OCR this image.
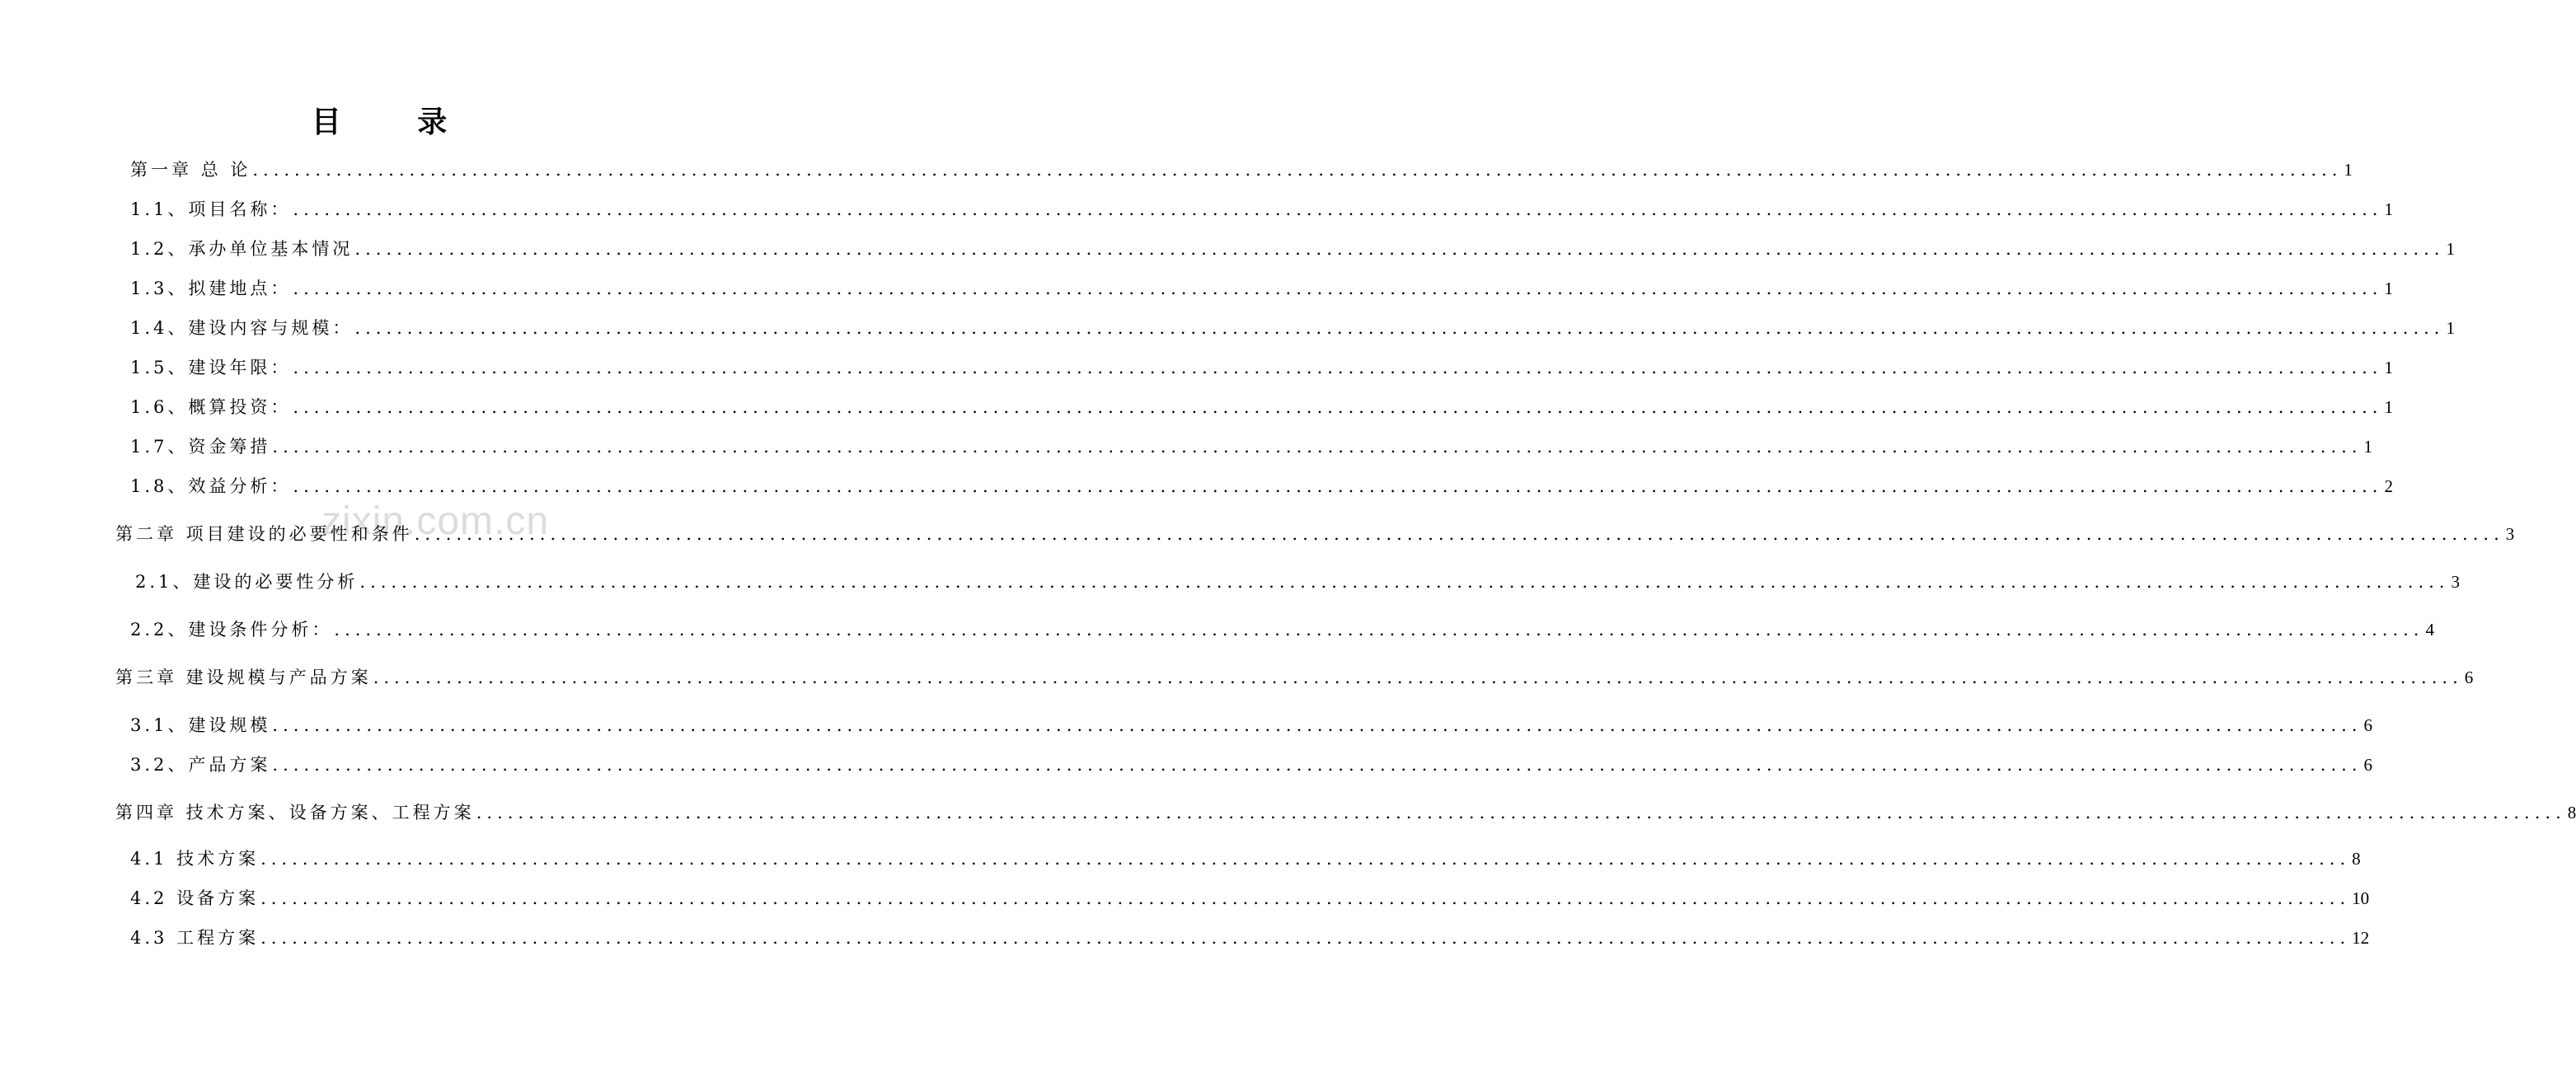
目 录
zixin.com.cn
第一章 总 论 ........................................................................................................................................................................................................ 1
1.1、项目名称： ........................................................................................................................................................................................................ 1
1.2、承办单位基本情况 ........................................................................................................................................................................................................ 1
1.3、拟建地点： ........................................................................................................................................................................................................ 1
1.4、建设内容与规模： ........................................................................................................................................................................................................ 1
1.5、建设年限： ........................................................................................................................................................................................................ 1
1.6、概算投资： ........................................................................................................................................................................................................ 1
1.7、资金筹措 ........................................................................................................................................................................................................ 1
1.8、效益分析： ........................................................................................................................................................................................................ 2
第二章 项目建设的必要性和条件 ........................................................................................................................................................................................................ 3
2.1、建设的必要性分析 ........................................................................................................................................................................................................ 3
2.2、建设条件分析： ........................................................................................................................................................................................................ 4
第三章 建设规模与产品方案 ........................................................................................................................................................................................................ 6
3.1、建设规模 ........................................................................................................................................................................................................ 6
3.2、产品方案 ........................................................................................................................................................................................................ 6
第四章 技术方案、设备方案、工程方案 ........................................................................................................................................................................................................ 8
4.1 技术方案 ........................................................................................................................................................................................................ 8
4.2 设备方案 ........................................................................................................................................................................................................ 10
4.3 工程方案 ........................................................................................................................................................................................................ 12
